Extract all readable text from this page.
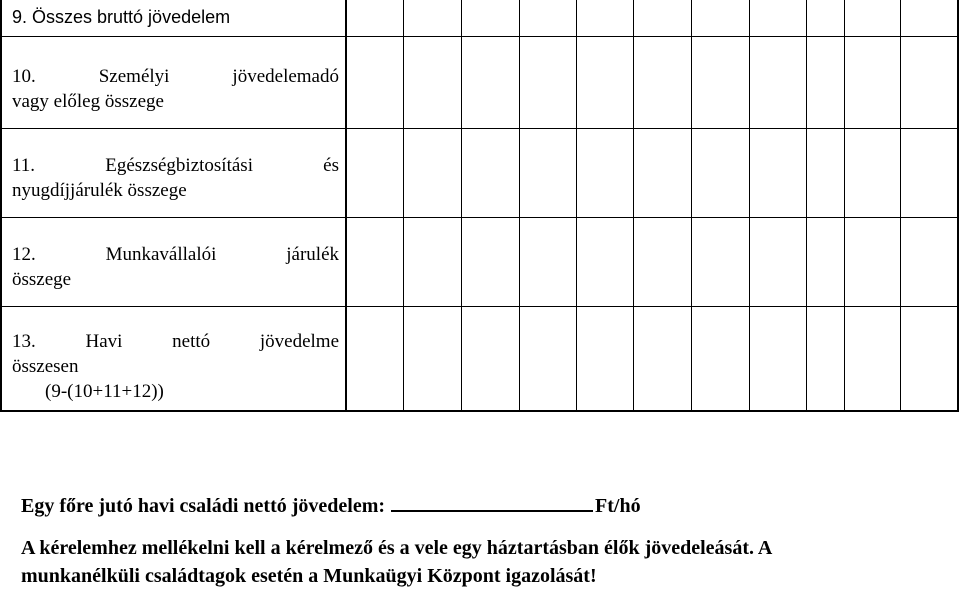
9. Összes bruttó jövedelem
10. Személyi jövedelemadó
vagy előleg összege
11. Egészségbiztosítási és
nyugdíjjárulék összege
12. Munkavállalói járulék
összege
13. Havi nettó jövedelme
összesen
(9-(10+11+12))
Egy főre jutó havi családi nettó jövedelem:	Ft/hó
A kérelemhez mellékelni kell a kérelmező és a vele egy háztartásban élők jövedeleását. A
munkanélküli családtagok esetén a Munkaügyi Központ igazolását!
